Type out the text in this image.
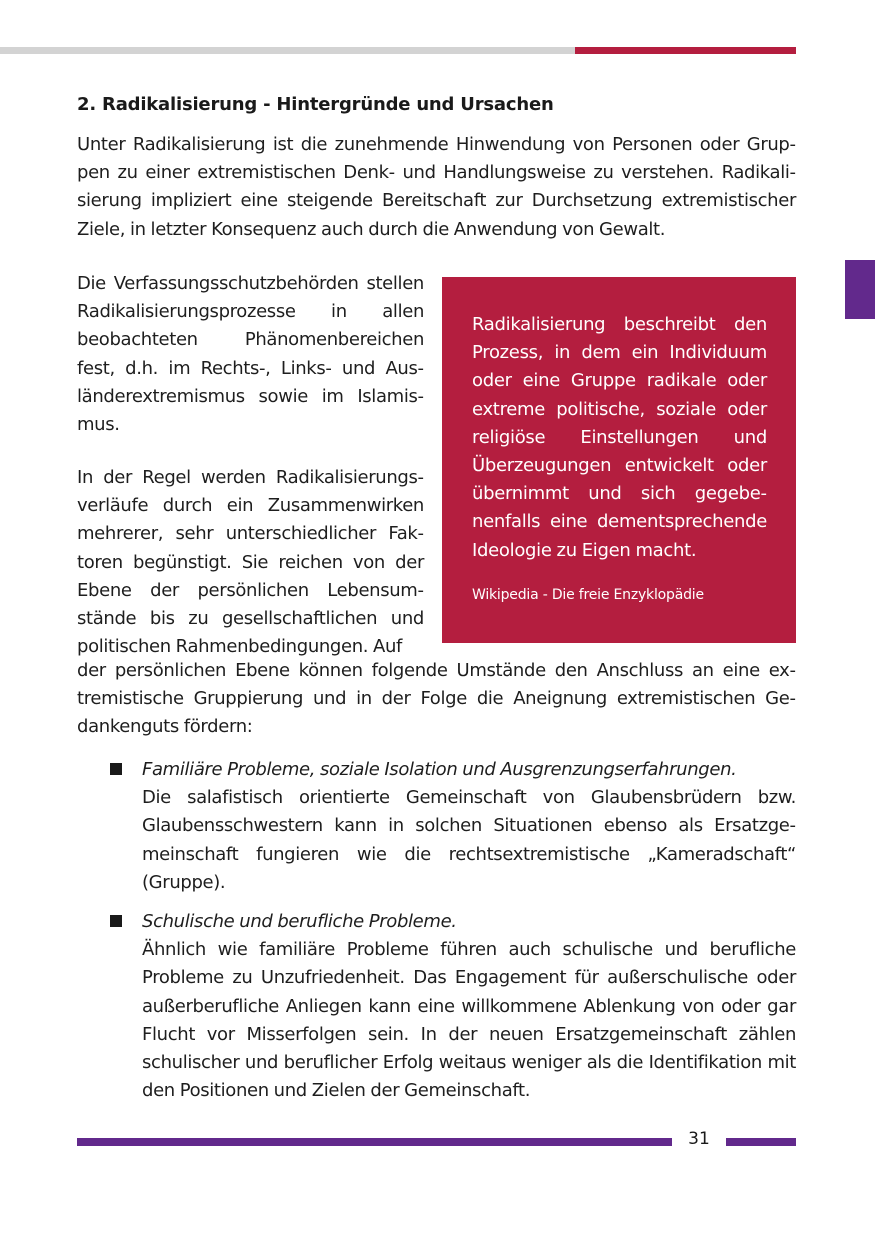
2. Radikalisierung - Hintergründe und Ursachen

Unter Radikalisierung ist die zunehmende Hinwendung von Personen oder Gruppen zu einer extremistischen Denk- und Handlungsweise zu verstehen. Radikalisierung impliziert eine steigende Bereitschaft zur Durchsetzung extremistischer Ziele, in letzter Konsequenz auch durch die Anwendung von Gewalt.

Die Verfassungsschutzbehörden stellen Radikalisierungsprozesse in allen beobachteten Phänomenbereichen fest, d.h. im Rechts-, Links- und Ausländerextremismus sowie im Islamismus.

In der Regel werden Radikalisierungsverläufe durch ein Zusammenwirken mehrerer, sehr unterschiedlicher Faktoren begünstigt. Sie reichen von der Ebene der persönlichen Lebensumstände bis zu gesellschaftlichen und politischen Rahmenbedingungen. Auf

Radikalisierung beschreibt den Prozess, in dem ein Individuum oder eine Gruppe radikale oder extreme politische, soziale oder religiöse Einstellungen und Überzeugungen entwickelt oder übernimmt und sich gegebenenfalls eine dementsprechende Ideologie zu Eigen macht.
Wikipedia - Die freie Enzyklopädie

der persönlichen Ebene können folgende Umstände den Anschluss an eine extremistische Gruppierung und in der Folge die Aneignung extremistischen Gedankenguts fördern:

Familiäre Probleme, soziale Isolation und Ausgrenzungserfahrungen.
Die salafistisch orientierte Gemeinschaft von Glaubensbrüdern bzw. Glaubensschwestern kann in solchen Situationen ebenso als Ersatzgemeinschaft fungieren wie die rechtsextremistische „Kameradschaft“ (Gruppe).
Schulische und berufliche Probleme.
Ähnlich wie familiäre Probleme führen auch schulische und berufliche Probleme zu Unzufriedenheit. Das Engagement für außerschulische oder außerberufliche Anliegen kann eine willkommene Ablenkung von oder gar Flucht vor Misserfolgen sein. In der neuen Ersatzgemeinschaft zählen schulischer und beruflicher Erfolg weitaus weniger als die Identifikation mit den Positionen und Zielen der Gemeinschaft.
31
